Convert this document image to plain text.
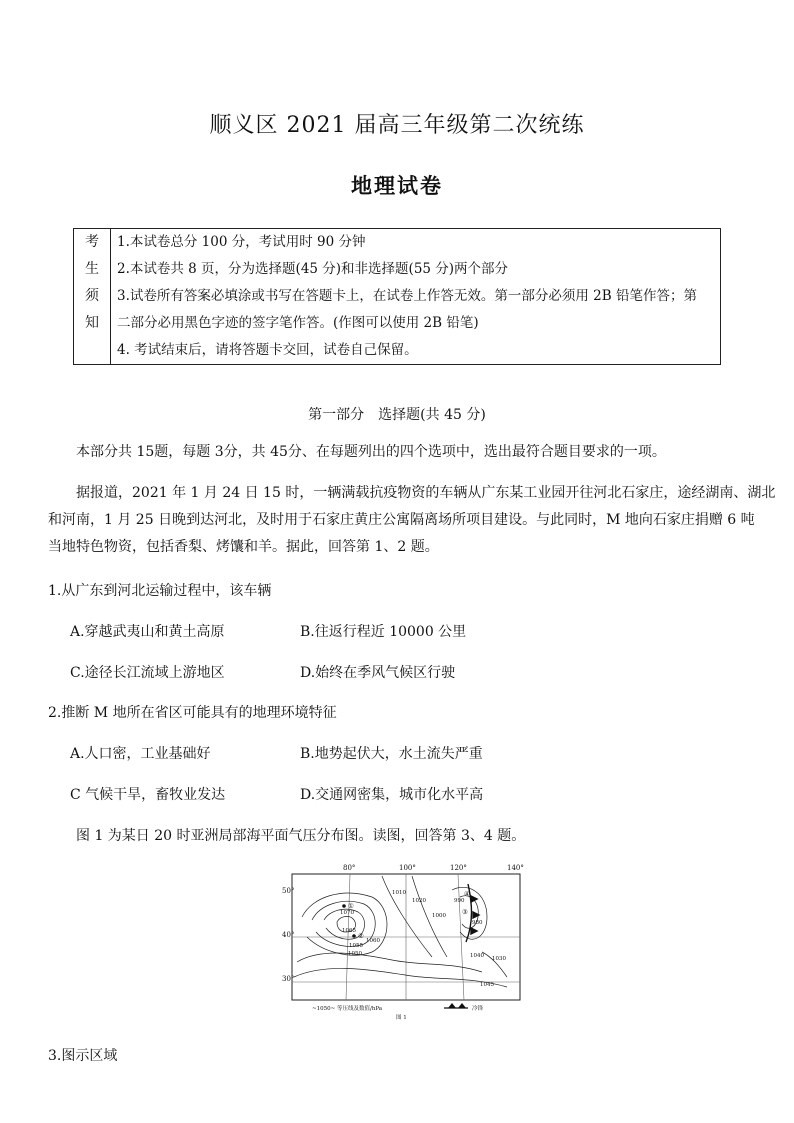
顺义区 2021 届高三年级第二次统练
地理试卷
考
生
须
知
1.本试卷总分 100 分，考试用时 90 分钟
2.本试卷共 8 页，分为选择题(45 分)和非选择题(55 分)两个部分
3.试卷所有答案必填涂或书写在答题卡上，在试卷上作答无效。第一部分必须用 2B 铅笔作答；第
二部分必用黑色字迹的签字笔作答。(作图可以使用 2B 铅笔)
4. 考试结束后，请将答题卡交回，试卷自己保留。
第一部分　选择题(共 45 分)
本部分共 15题，每题 3分，共 45分、在每题列出的四个选项中，选出最符合题目要求的一项。
据报道，2021 年 1 月 24 日 15 时，一辆满载抗疫物资的车辆从广东某工业园开往河北石家庄，途经湖南、湖北
和河南，1 月 25 日晚到达河北，及时用于石家庄黄庄公寓隔离场所项目建设。与此同时，M 地向石家庄捐赠 6 吨
当地特色物资，包括香梨、烤馕和羊。据此，回答第 1、2 题。
1.从广东到河北运输过程中，该车辆
A.穿越武夷山和黄土高原	B.往返行程近 10000 公里
C.途径长江流域上游地区	D.始终在季风气候区行驶
2.推断 M 地所在省区可能具有的地理环境特征
A.人口密，工业基础好	B.地势起伏大，水土流失严重
C 气候干旱，畜牧业发达	D.交通网密集，城市化水平高
图 1 为某日 20 时亚洲局部海平面气压分布图。读图，回答第 3、4 题。
80°	100°	120°	140°
50°
40°
30°
1070
1065
1060
1055
1050
1045
1040 1030
1020
1010
1000
990
980
①
②
③
④
~1050~ 等压线及数值/hPa	冷锋
图 1
3.图示区域
